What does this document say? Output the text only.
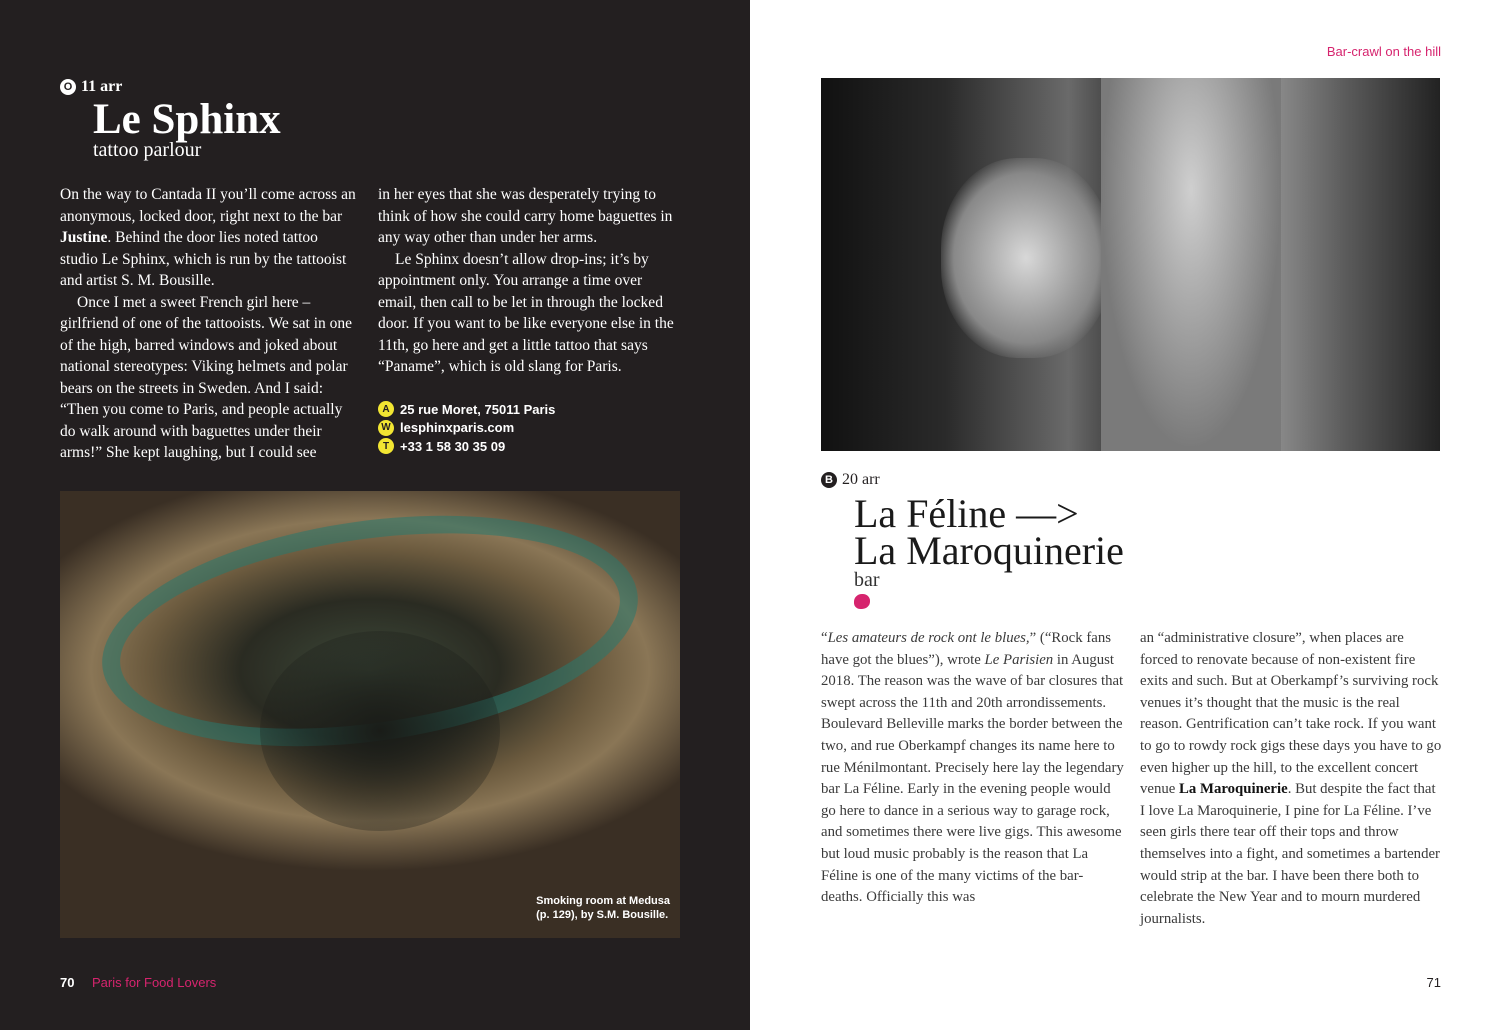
O 11 arr
Le Sphinx
tattoo parlour

On the way to Cantada II you’ll come across an anonymous, locked door, right next to the bar Justine. Behind the door lies noted tattoo studio Le Sphinx, which is run by the tattooist and artist S. M. Bousille.

Once I met a sweet French girl here – girlfriend of one of the tattooists. We sat in one of the high, barred windows and joked about national stereotypes: Viking helmets and polar bears on the streets in Sweden. And I said: “Then you come to Paris, and people actually do walk around with baguettes under their arms!” She kept laughing, but I could see

in her eyes that she was desperately trying to think of how she could carry home baguettes in any way other than under her arms.

Le Sphinx doesn’t allow drop-ins; it’s by appointment only. You arrange a time over email, then call to be let in through the locked door. If you want to be like everyone else in the 11th, go here and get a little tattoo that says “Paname”, which is old slang for Paris.

A 25 rue Moret, 75011 Paris
W lesphinxparis.com
T +33 1 58 30 35 09
Smoking room at Medusa
(p. 129), by S.M. Bousille.
70 Paris for Food Lovers
Bar-crawl on the hill
B 20 arr
La Féline —>
La Maroquinerie
bar

“Les amateurs de rock ont le blues,” (“Rock fans have got the blues”), wrote Le Parisien in August 2018. The reason was the wave of bar closures that swept across the 11th and 20th arrondissements. Boulevard Belleville marks the border between the two, and rue Oberkampf changes its name here to rue Ménilmontant. Precisely here lay the legendary bar La Féline. Early in the evening people would go here to dance in a serious way to garage rock, and sometimes there were live gigs. This awesome but loud music probably is the reason that La Féline is one of the many victims of the bar-deaths. Officially this was

an “administrative closure”, when places are forced to renovate because of non-existent fire exits and such. But at Oberkampf’s surviving rock venues it’s thought that the music is the real reason. Gentrification can’t take rock. If you want to go to rowdy rock gigs these days you have to go even higher up the hill, to the excellent concert venue La Maroquinerie. But despite the fact that I love La Maroquinerie, I pine for La Féline. I’ve seen girls there tear off their tops and throw themselves into a fight, and sometimes a bartender would strip at the bar. I have been there both to celebrate the New Year and to mourn murdered journalists.

71
